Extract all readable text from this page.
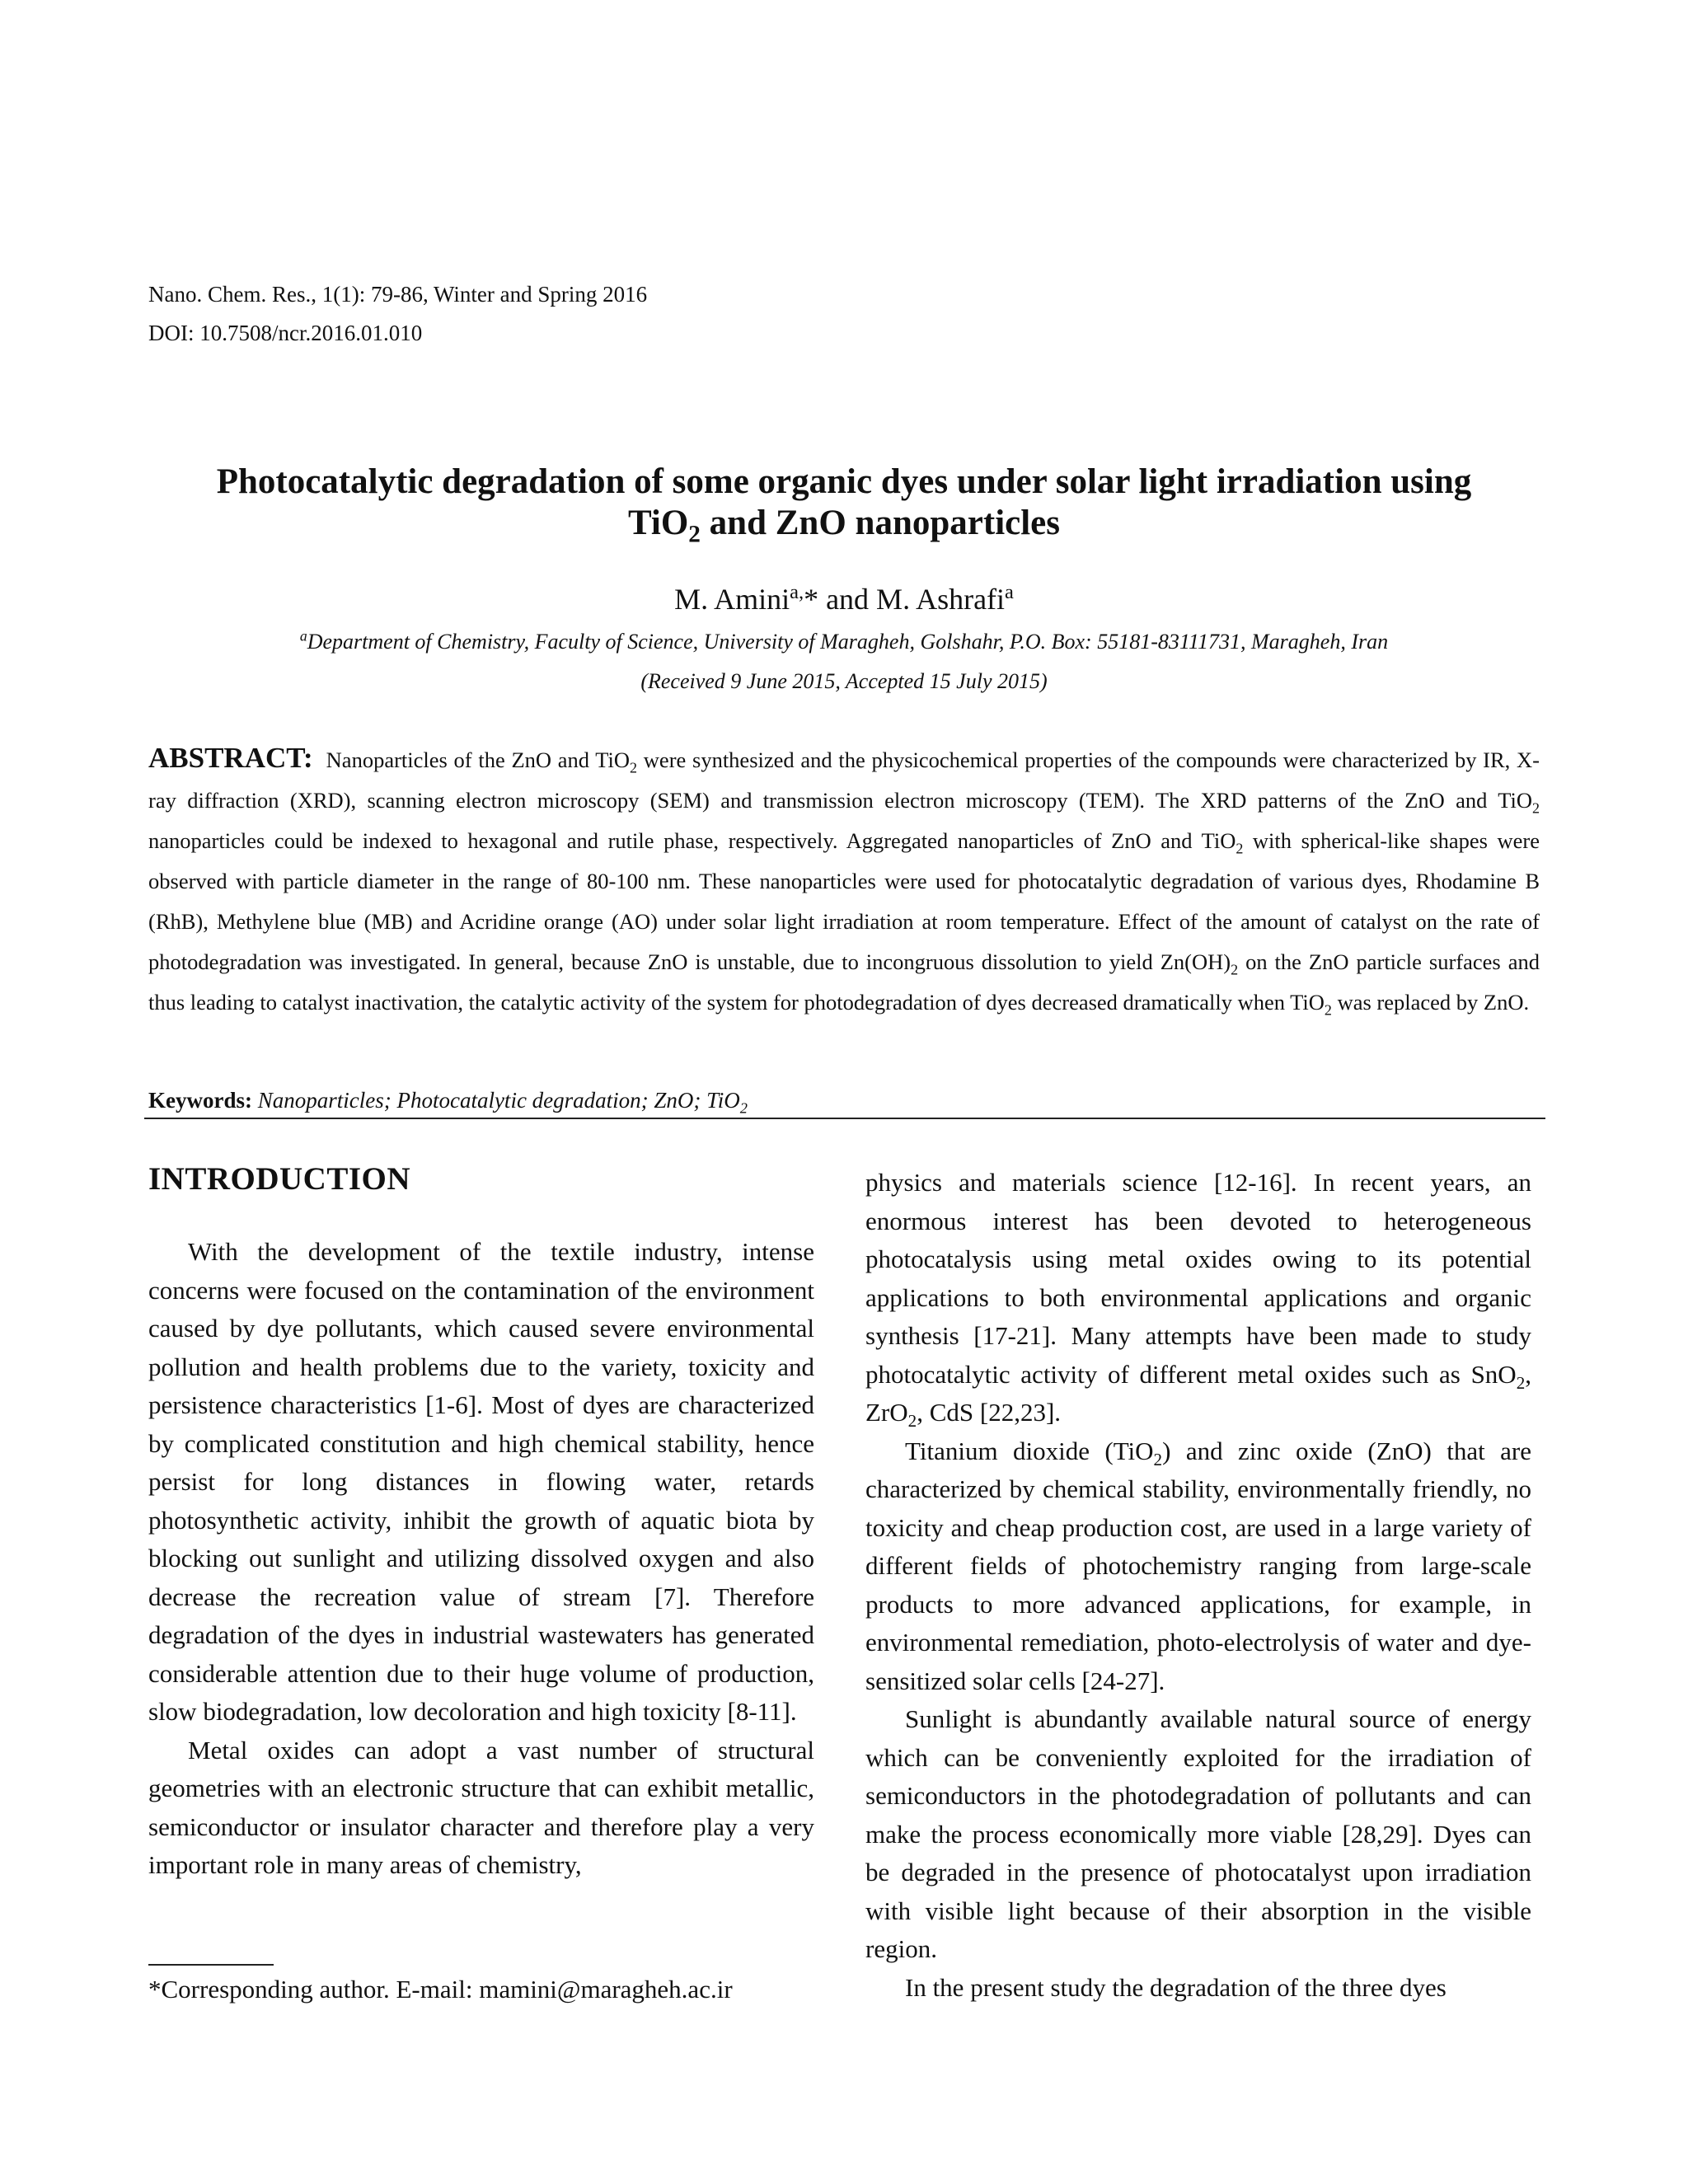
Nano. Chem. Res., 1(1): 79-86, Winter and Spring 2016
DOI: 10.7508/ncr.2016.01.010
Photocatalytic degradation of some organic dyes under solar light irradiation using
TiO$_2$ and ZnO nanoparticles
M. Amini$^{a,}$* and M. Ashrafi$^a$
$^a$Department of Chemistry, Faculty of Science, University of Maragheh, Golshahr, P.O. Box: 55181-83111731, Maragheh, Iran
(Received 9 June 2015, Accepted 15 July 2015)
ABSTRACT: Nanoparticles of the ZnO and TiO$_2$ were synthesized and the physicochemical properties of the compounds were characterized by IR, X-ray diffraction (XRD), scanning electron microscopy (SEM) and transmission electron microscopy (TEM). The XRD patterns of the ZnO and TiO$_2$ nanoparticles could be indexed to hexagonal and rutile phase, respectively. Aggregated nanoparticles of ZnO and TiO$_2$ with spherical-like shapes were observed with particle diameter in the range of 80-100 nm. These nanoparticles were used for photocatalytic degradation of various dyes, Rhodamine B (RhB), Methylene blue (MB) and Acridine orange (AO) under solar light irradiation at room temperature. Effect of the amount of catalyst on the rate of photodegradation was investigated. In general, because ZnO is unstable, due to incongruous dissolution to yield $Zn(OH)_2$ on the ZnO particle surfaces and thus leading to catalyst inactivation, the catalytic activity of the system for photodegradation of dyes decreased dramatically when TiO$_2$ was replaced by ZnO.
Keywords: Nanoparticles; Photocatalytic degradation; ZnO; TiO$_2$
INTRODUCTION

With the development of the textile industry, intense concerns were focused on the contamination of the environment caused by dye pollutants, which caused severe environmental pollution and health problems due to the variety, toxicity and persistence characteristics [1-6]. Most of dyes are characterized by complicated constitution and high chemical stability, hence persist for long distances in flowing water, retards photosynthetic activity, inhibit the growth of aquatic biota by blocking out sunlight and utilizing dissolved oxygen and also decrease the recreation value of stream [7]. Therefore degradation of the dyes in industrial wastewaters has generated considerable attention due to their huge volume of production, slow biodegradation, low decoloration and high toxicity [8-11].

Metal oxides can adopt a vast number of structural geometries with an electronic structure that can exhibit metallic, semiconductor or insulator character and therefore play a very important role in many areas of chemistry,

physics and materials science [12-16]. In recent years, an enormous interest has been devoted to heterogeneous photocatalysis using metal oxides owing to its potential applications to both environmental applications and organic synthesis [17-21]. Many attempts have been made to study photocatalytic activity of different metal oxides such as SnO$_2$, ZrO$_2$, CdS [22,23].

Titanium dioxide (TiO$_2$) and zinc oxide (ZnO) that are characterized by chemical stability, environmentally friendly, no toxicity and cheap production cost, are used in a large variety of different fields of photochemistry ranging from large-scale products to more advanced applications, for example, in environmental remediation, photo-electrolysis of water and dye-sensitized solar cells [24-27].

Sunlight is abundantly available natural source of energy which can be conveniently exploited for the irradiation of semiconductors in the photodegradation of pollutants and can make the process economically more viable [28,29]. Dyes can be degraded in the presence of photocatalyst upon irradiation with visible light because of their absorption in the visible region.

In the present study the degradation of the three dyes

*Corresponding author. E-mail: mamini@maragheh.ac.ir
